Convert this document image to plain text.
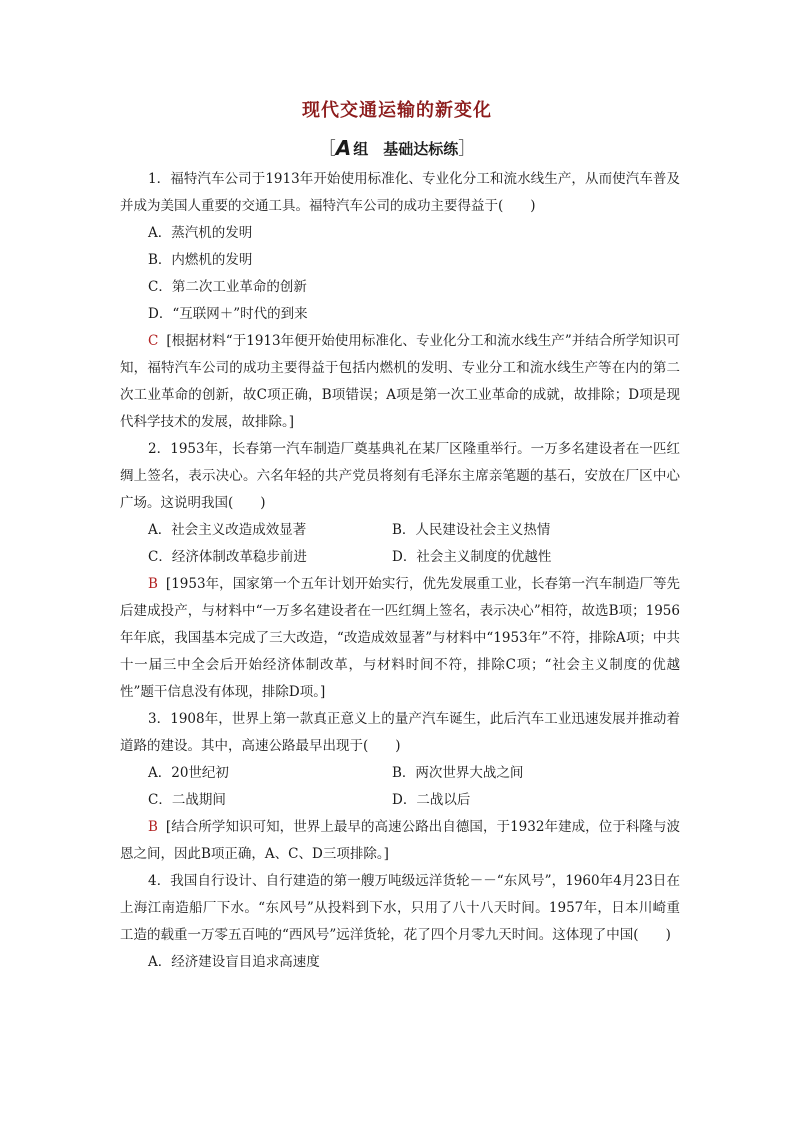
现代交通运输的新变化
［A 组　基础达标练］

1．福特汽车公司于1913年开始使用标准化、专业化分工和流水线生产，从而使汽车普及并成为美国人重要的交通工具。福特汽车公司的成功主要得益于(　　)

A．蒸汽机的发明

B．内燃机的发明

C．第二次工业革命的创新

D．“互联网＋”时代的到来

C [根据材料“于1913年便开始使用标准化、专业化分工和流水线生产”并结合所学知识可知，福特汽车公司的成功主要得益于包括内燃机的发明、专业分工和流水线生产等在内的第二次工业革命的创新，故C项正确，B项错误；A项是第一次工业革命的成就，故排除；D项是现代科学技术的发展，故排除。]

2．1953年，长春第一汽车制造厂奠基典礼在某厂区隆重举行。一万多名建设者在一匹红绸上签名，表示决心。六名年轻的共产党员将刻有毛泽东主席亲笔题的基石，安放在厂区中心广场。这说明我国(　　)

A．社会主义改造成效显著	B．人民建设社会主义热情
C．经济体制改革稳步前进	D．社会主义制度的优越性

B [1953年，国家第一个五年计划开始实行，优先发展重工业，长春第一汽车制造厂等先后建成投产，与材料中“一万多名建设者在一匹红绸上签名，表示决心”相符，故选B项；1956年年底，我国基本完成了三大改造，“改造成效显著”与材料中“1953年”不符，排除A项；中共十一届三中全会后开始经济体制改革，与材料时间不符，排除C项；“社会主义制度的优越性”题干信息没有体现，排除D项。]

3．1908年，世界上第一款真正意义上的量产汽车诞生，此后汽车工业迅速发展并推动着道路的建设。其中，高速公路最早出现于(　　)

A．20世纪初	B．两次世界大战之间
C．二战期间	D．二战以后

B [结合所学知识可知，世界上最早的高速公路出自德国，于1932年建成，位于科隆与波恩之间，因此B项正确，A、C、D三项排除。]

4．我国自行设计、自行建造的第一艘万吨级远洋货轮－－“东风号”，1960年4月23日在上海江南造船厂下水。“东风号”从投料到下水，只用了八十八天时间。1957年，日本川崎重工造的载重一万零五百吨的“西风号”远洋货轮，花了四个月零九天时间。这体现了中国(　　)

A．经济建设盲目追求高速度
